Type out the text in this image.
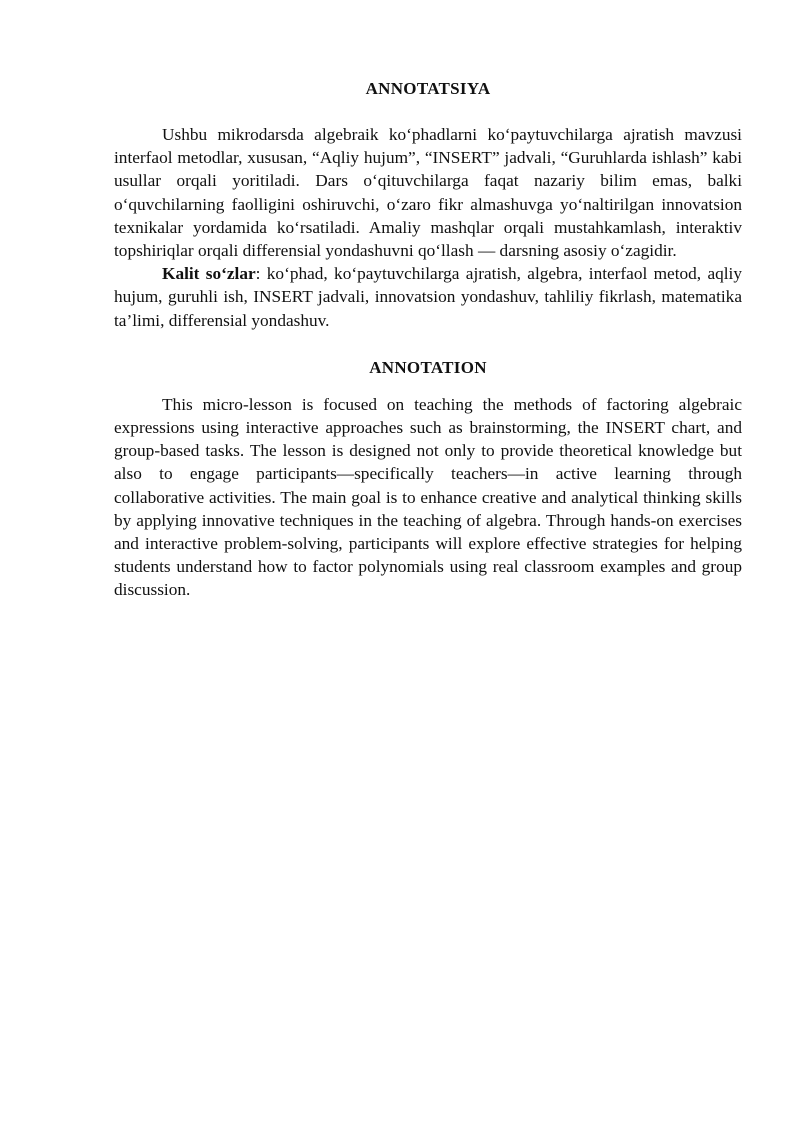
ANNOTATSIYA

Ushbu mikrodarsda algebraik ko‘phadlarni ko‘paytuvchilarga ajratish mavzusi interfaol metodlar, xususan, “Aqliy hujum”, “INSERT” jadvali, “Guruhlarda ishlash” kabi usullar orqali yoritiladi. Dars o‘qituvchilarga faqat nazariy bilim emas, balki o‘quvchilarning faolligini oshiruvchi, o‘zaro fikr almashuvga yo‘naltirilgan innovatsion texnikalar yordamida ko‘rsatiladi. Amaliy mashqlar orqali mustahkamlash, interaktiv topshiriqlar orqali differensial yondashuvni qo‘llash — darsning asosiy o‘zagidir.

Kalit so‘zlar: ko‘phad, ko‘paytuvchilarga ajratish, algebra, interfaol metod, aqliy hujum, guruhli ish, INSERT jadvali, innovatsion yondashuv, tahliliy fikrlash, matematika ta’limi, differensial yondashuv.

ANNOTATION

This micro-lesson is focused on teaching the methods of factoring algebraic expressions using interactive approaches such as brainstorming, the INSERT chart, and group-based tasks. The lesson is designed not only to provide theoretical knowledge but also to engage participants—specifically teachers—in active learning through collaborative activities. The main goal is to enhance creative and analytical thinking skills by applying innovative techniques in the teaching of algebra. Through hands-on exercises and interactive problem-solving, participants will explore effective strategies for helping students understand how to factor polynomials using real classroom examples and group discussion.
